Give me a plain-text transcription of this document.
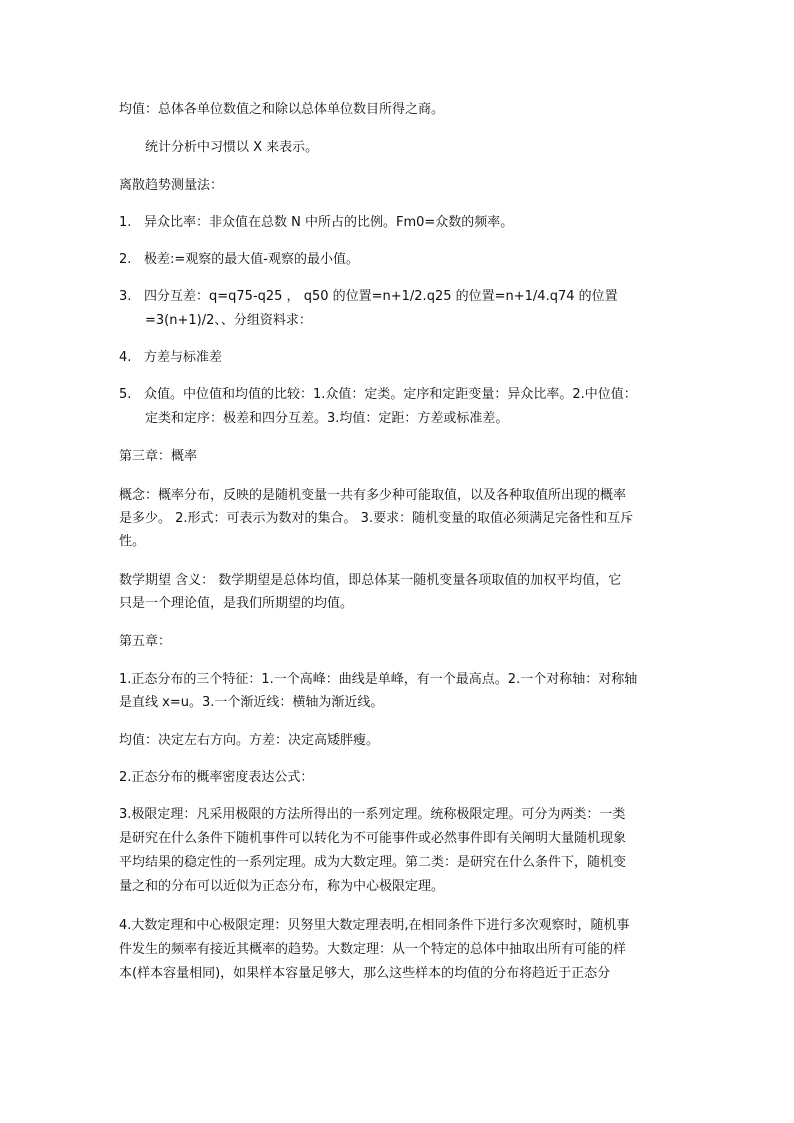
均值：总体各单位数值之和除以总体单位数目所得之商。
统计分析中习惯以 X 来表示。
离散趋势测量法：
1. 异众比率：非众值在总数 N 中所占的比例。Fm0=众数的频率。
2. 极差:=观察的最大值-观察的最小值。
3. 四分互差：q=q75-q25 ， q50 的位置=n+1/2.q25 的位置=n+1/4.q74 的位置
=3(n+1)/2、、分组资料求：
4. 方差与标准差
5. 众值。中位值和均值的比较：1.众值：定类。定序和定距变量：异众比率。2.中位值：
定类和定序：极差和四分互差。3.均值：定距：方差或标准差。
第三章：概率
概念：概率分布，反映的是随机变量一共有多少种可能取值，以及各种取值所出现的概率
是多少。 2.形式：可表示为数对的集合。 3.要求：随机变量的取值必须满足完备性和互斥
性。
数学期望 含义： 数学期望是总体均值，即总体某一随机变量各项取值的加权平均值，它
只是一个理论值，是我们所期望的均值。
第五章：
1.正态分布的三个特征：1.一个高峰：曲线是单峰，有一个最高点。2.一个对称轴：对称轴
是直线 x=u。3.一个渐近线：横轴为渐近线。
均值：决定左右方向。方差：决定高矮胖瘦。
2.正态分布的概率密度表达公式：
3.极限定理：凡采用极限的方法所得出的一系列定理。统称极限定理。可分为两类：一类
是研究在什么条件下随机事件可以转化为不可能事件或必然事件即有关阐明大量随机现象
平均结果的稳定性的一系列定理。成为大数定理。第二类：是研究在什么条件下，随机变
量之和的分布可以近似为正态分布，称为中心极限定理。
4.大数定理和中心极限定理：贝努里大数定理表明,在相同条件下进行多次观察时，随机事
件发生的频率有接近其概率的趋势。大数定理：从一个特定的总体中抽取出所有可能的样
本(样本容量相同)，如果样本容量足够大，那么这些样本的均值的分布将趋近于正态分
